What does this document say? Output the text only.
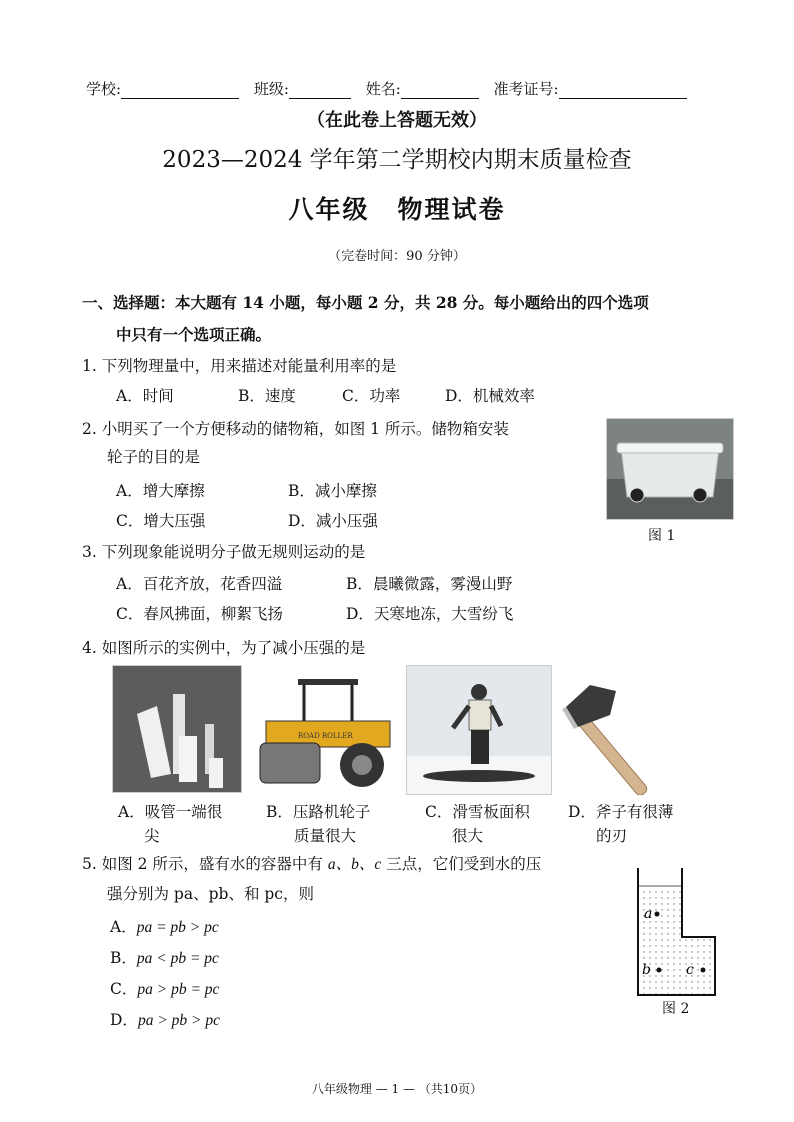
学校:	班级:	姓名:	准考证号:
（在此卷上答题无效）
2023—2024 学年第二学期校内期末质量检查
八年级 物理试卷
（完卷时间：90 分钟）
一、选择题：本大题有 14 小题，每小题 2 分，共 28 分。每小题给出的四个选项
中只有一个选项正确。
1. 下列物理量中，用来描述对能量利用率的是
A．时间	B．速度	C．功率	D．机械效率
2. 小明买了一个方便移动的储物箱，如图 1 所示。储物箱安装
轮子的目的是
A．增大摩擦	B．减小摩擦
C．增大压强	D．减小压强
图 1
3. 下列现象能说明分子做无规则运动的是
A．百花齐放，花香四溢	B．晨曦微露，雾漫山野
C．春风拂面，柳絮飞扬	D．天寒地冻，大雪纷飞
4. 如图所示的实例中，为了减小压强的是
ROAD ROLLER
A．吸管一端很
尖
B．压路机轮子
质量很大
C．滑雪板面积
很大
D．斧子有很薄
的刃
5. 如图 2 所示，盛有水的容器中有 a、b、c 三点，它们受到水的压
强分别为 pa、pb、和 pc，则
A．pa = pb > pc
B．pa < pb = pc
C．pa > pb = pc
D．pa > pb > pc
a
b	c
图 2
八年级物理 — 1 — （共10页）
